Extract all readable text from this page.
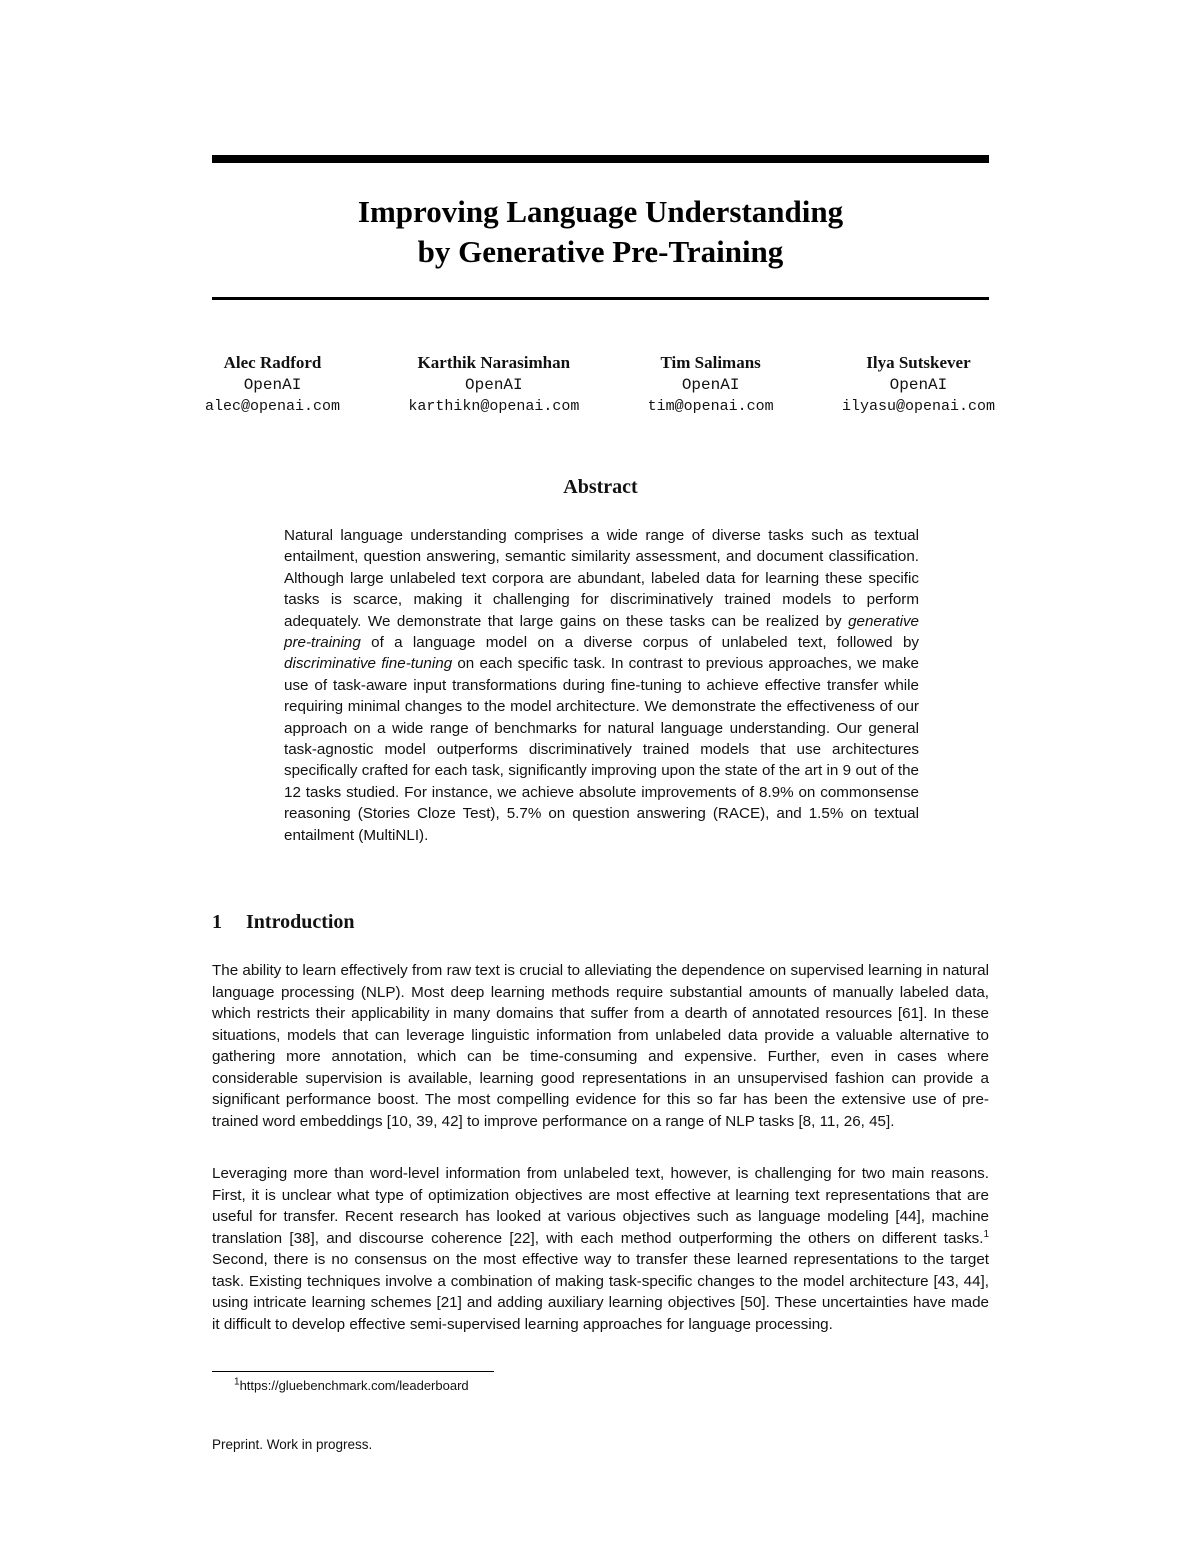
Improving Language Understanding
by Generative Pre-Training
Alec Radford
OpenAI
alec@openai.com
Karthik Narasimhan
OpenAI
karthikn@openai.com
Tim Salimans
OpenAI
tim@openai.com
Ilya Sutskever
OpenAI
ilyasu@openai.com
Abstract
Natural language understanding comprises a wide range of diverse tasks such as textual entailment, question answering, semantic similarity assessment, and document classification. Although large unlabeled text corpora are abundant, labeled data for learning these specific tasks is scarce, making it challenging for discriminatively trained models to perform adequately. We demonstrate that large gains on these tasks can be realized by generative pre-training of a language model on a diverse corpus of unlabeled text, followed by discriminative fine-tuning on each specific task. In contrast to previous approaches, we make use of task-aware input transformations during fine-tuning to achieve effective transfer while requiring minimal changes to the model architecture. We demonstrate the effectiveness of our approach on a wide range of benchmarks for natural language understanding. Our general task-agnostic model outperforms discriminatively trained models that use architectures specifically crafted for each task, significantly improving upon the state of the art in 9 out of the 12 tasks studied. For instance, we achieve absolute improvements of 8.9% on commonsense reasoning (Stories Cloze Test), 5.7% on question answering (RACE), and 1.5% on textual entailment (MultiNLI).
1 Introduction
The ability to learn effectively from raw text is crucial to alleviating the dependence on supervised learning in natural language processing (NLP). Most deep learning methods require substantial amounts of manually labeled data, which restricts their applicability in many domains that suffer from a dearth of annotated resources [61]. In these situations, models that can leverage linguistic information from unlabeled data provide a valuable alternative to gathering more annotation, which can be time-consuming and expensive. Further, even in cases where considerable supervision is available, learning good representations in an unsupervised fashion can provide a significant performance boost. The most compelling evidence for this so far has been the extensive use of pre-trained word embeddings [10, 39, 42] to improve performance on a range of NLP tasks [8, 11, 26, 45].
Leveraging more than word-level information from unlabeled text, however, is challenging for two main reasons. First, it is unclear what type of optimization objectives are most effective at learning text representations that are useful for transfer. Recent research has looked at various objectives such as language modeling [44], machine translation [38], and discourse coherence [22], with each method outperforming the others on different tasks.$^1$ Second, there is no consensus on the most effective way to transfer these learned representations to the target task. Existing techniques involve a combination of making task-specific changes to the model architecture [43, 44], using intricate learning schemes [21] and adding auxiliary learning objectives [50]. These uncertainties have made it difficult to develop effective semi-supervised learning approaches for language processing.
$^1$https://gluebenchmark.com/leaderboard
Preprint. Work in progress.
